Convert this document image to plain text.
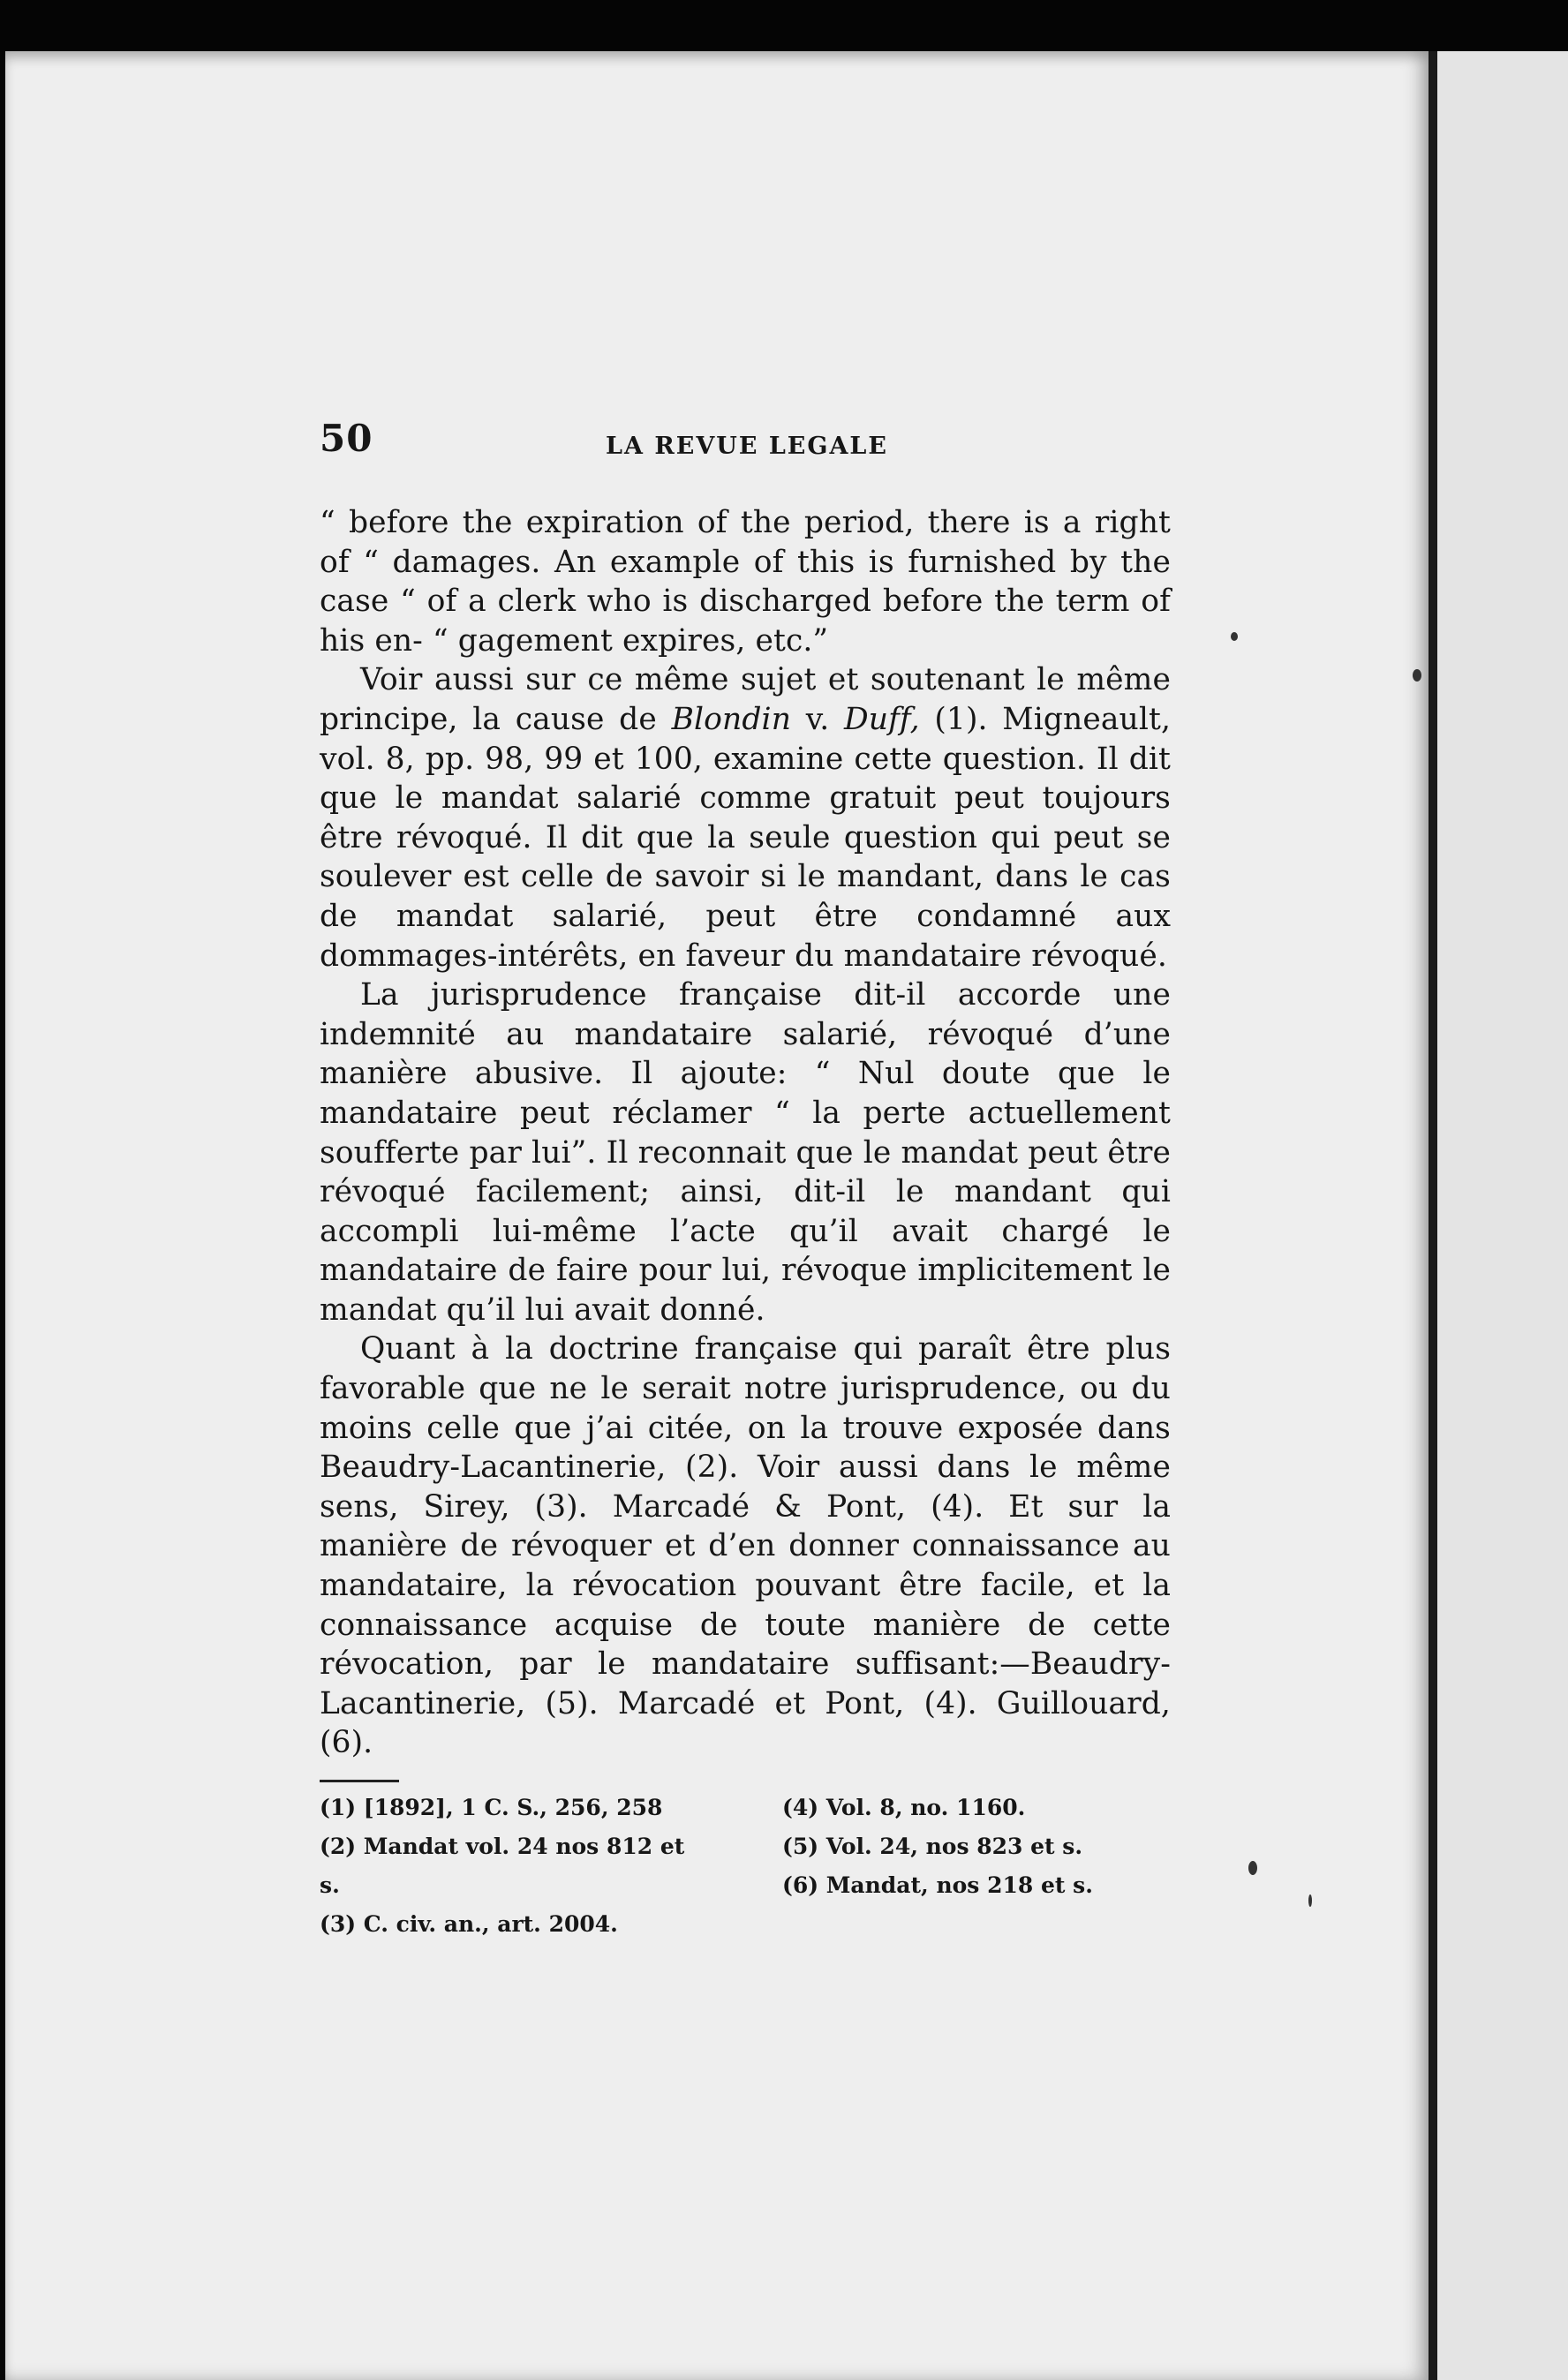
50	LA REVUE LEGALE

“ before the expiration of the period, there is a right of “ damages. An example of this is furnished by the case “ of a clerk who is discharged before the term of his en- “ gagement expires, etc.”

Voir aussi sur ce même sujet et soutenant le même principe, la cause de Blondin v. Duff, (1). Migneault, vol. 8, pp. 98, 99 et 100, examine cette question. Il dit que le mandat salarié comme gratuit peut toujours être révoqué. Il dit que la seule question qui peut se soulever est celle de savoir si le mandant, dans le cas de mandat salarié, peut être condamné aux dommages-intérêts, en faveur du mandataire révoqué.

La jurisprudence française dit-il accorde une indemnité au mandataire salarié, révoqué d’une manière abusive. Il ajoute: “ Nul doute que le mandataire peut réclamer “ la perte actuellement soufferte par lui”. Il reconnait que le mandat peut être révoqué facilement; ainsi, dit-il le mandant qui accompli lui-même l’acte qu’il avait chargé le mandataire de faire pour lui, révoque implicitement le mandat qu’il lui avait donné.

Quant à la doctrine française qui paraît être plus favorable que ne le serait notre jurisprudence, ou du moins celle que j’ai citée, on la trouve exposée dans Beaudry-Lacantinerie, (2). Voir aussi dans le même sens, Sirey, (3). Marcadé & Pont, (4). Et sur la manière de révoquer et d’en donner connaissance au mandataire, la révocation pouvant être facile, et la connaissance acquise de toute manière de cette révocation, par le mandataire suffisant:—Beaudry-Lacantinerie, (5). Marcadé et Pont, (4). Guillouard, (6).

(1) [1892], 1 C. S., 256, 258

(2) Mandat vol. 24 nos 812 et

s.

(3) C. civ. an., art. 2004.

(4) Vol. 8, no. 1160.

(5) Vol. 24, nos 823 et s.

(6) Mandat, nos 218 et s.
